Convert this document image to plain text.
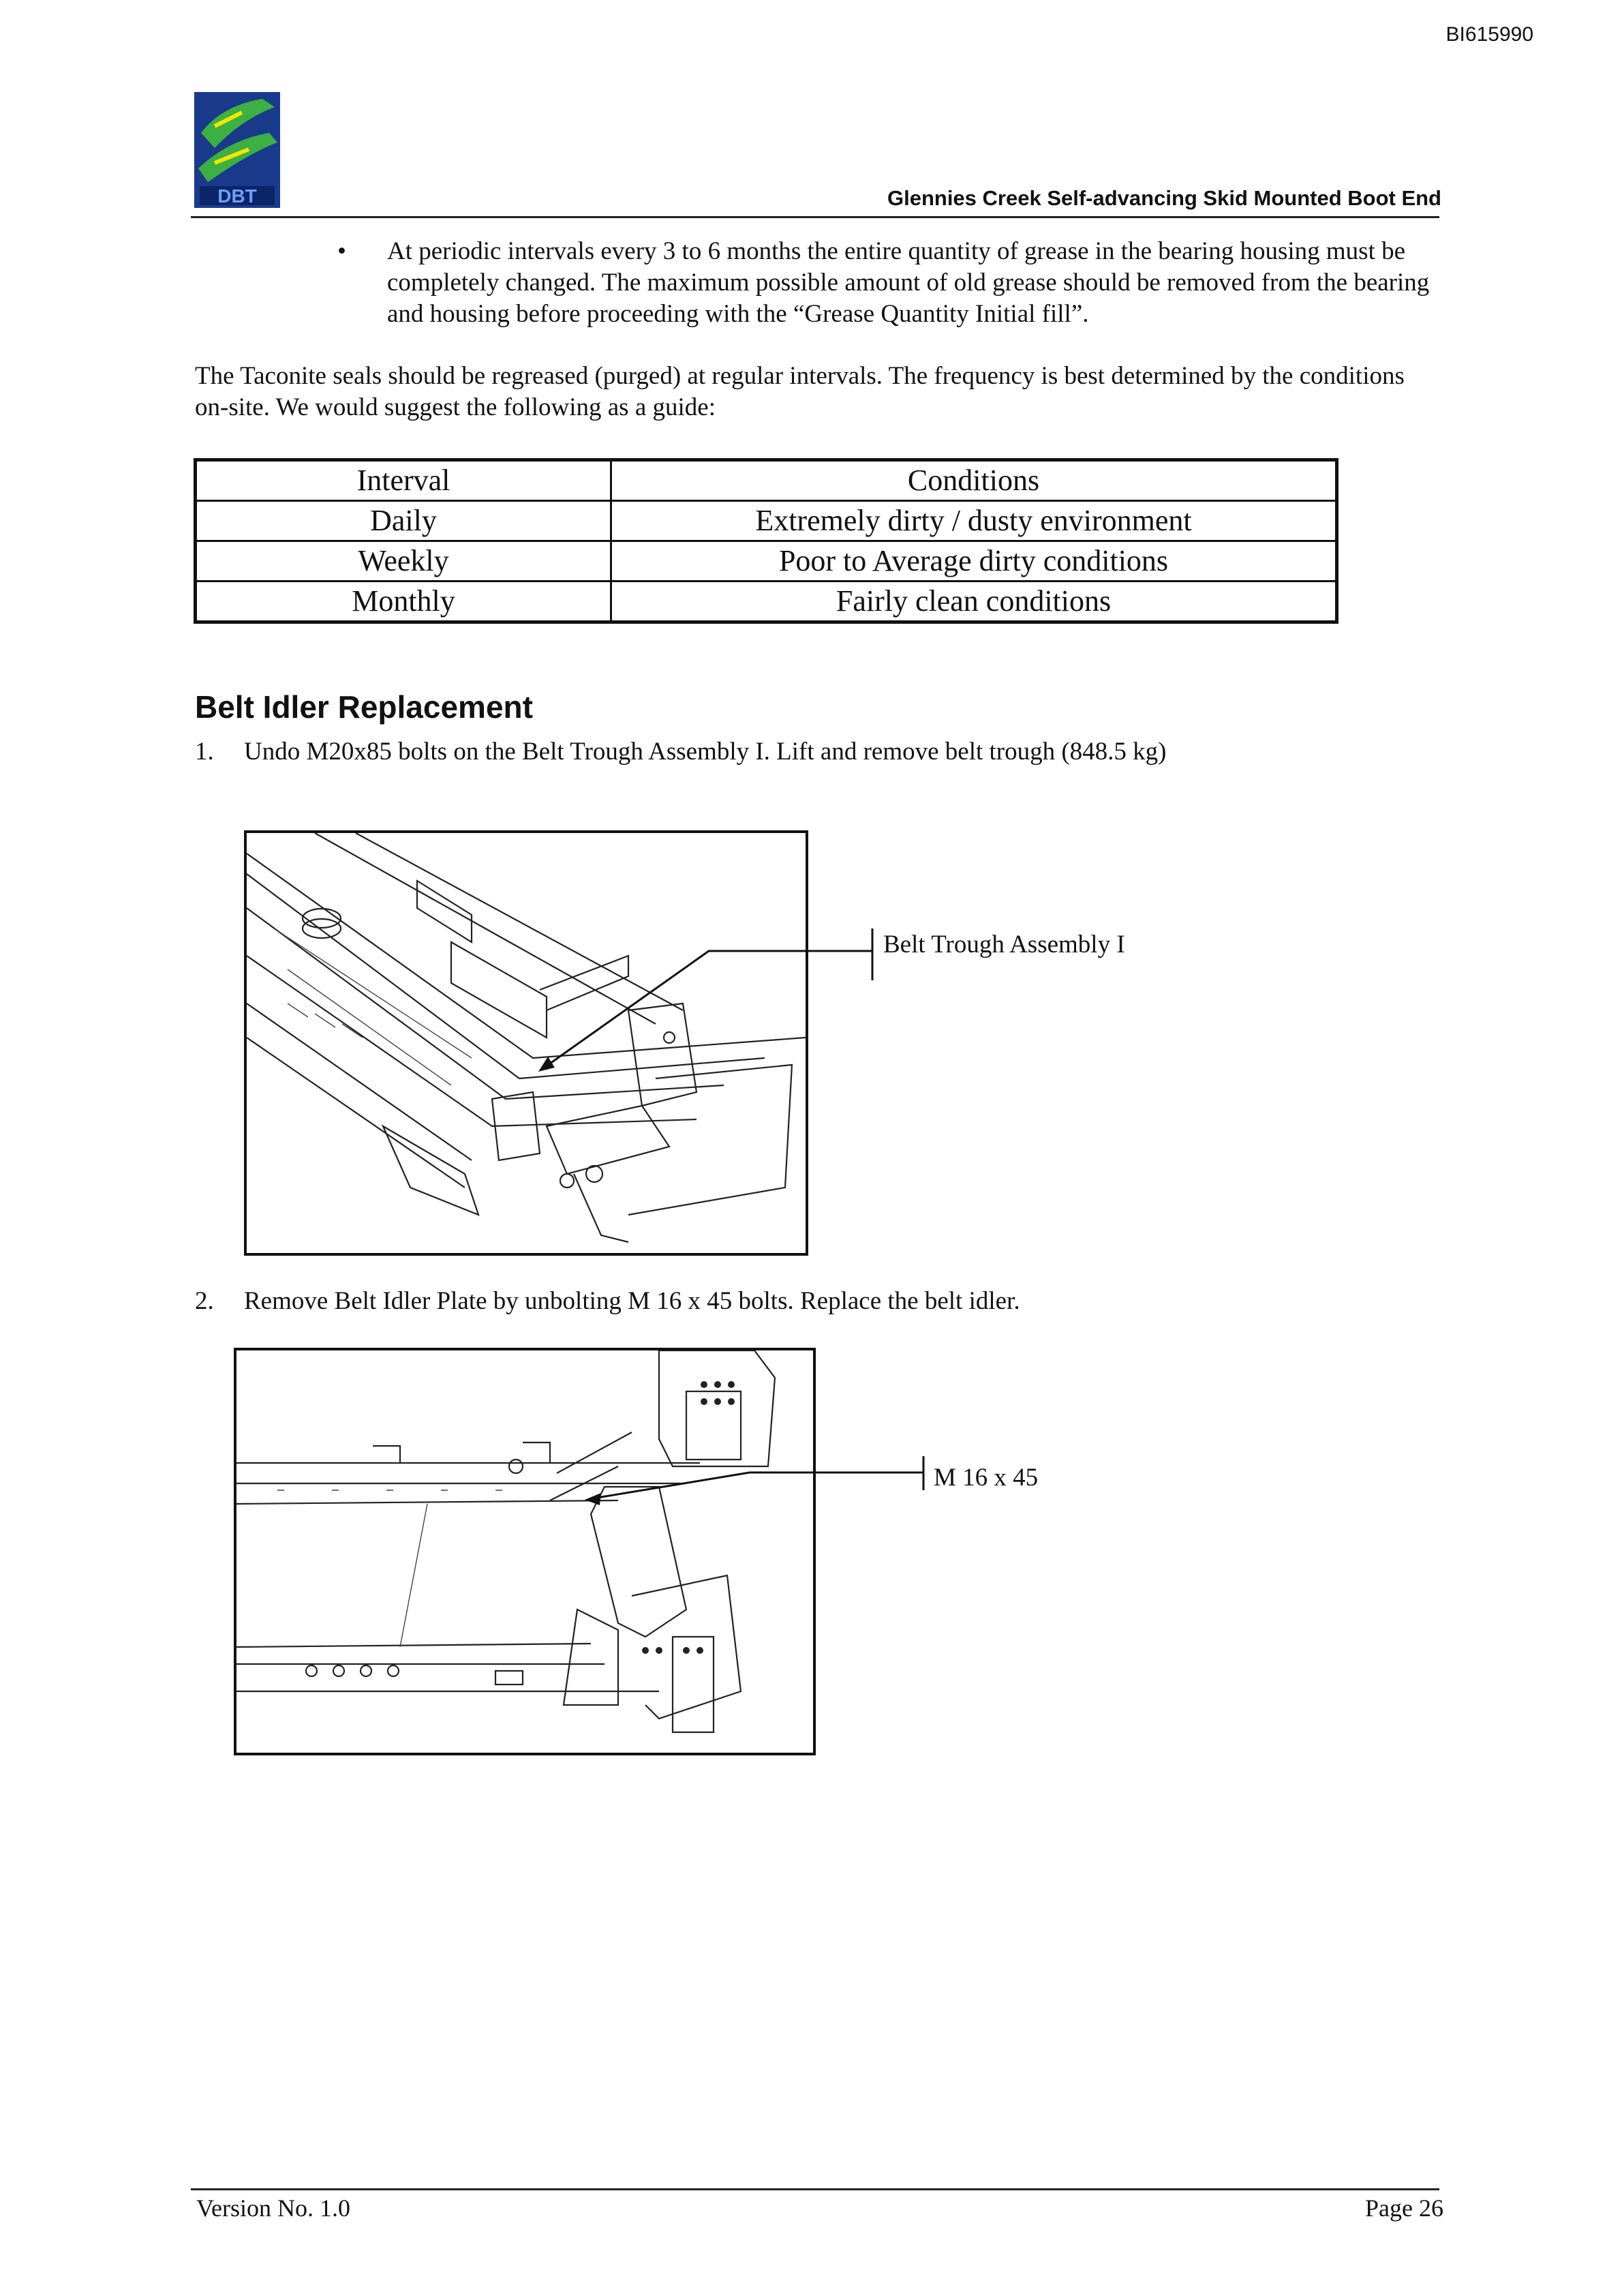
BI615990
DBT	Glennies Creek Self-advancing Skid Mounted Boot End
• At periodic intervals every 3 to 6 months the entire quantity of grease in the bearing housing must be completely changed. The maximum possible amount of old grease should be removed from the bearing and housing before proceeding with the “Grease Quantity Initial fill”.
The Taconite seals should be regreased (purged) at regular intervals. The frequency is best determined by the conditions on-site. We would suggest the following as a guide:
Interval	Conditions
Daily	Extremely dirty / dusty environment
Weekly	Poor to Average dirty conditions
Monthly	Fairly clean conditions
Belt Idler Replacement
1. Undo M20x85 bolts on the Belt Trough Assembly I. Lift and remove belt trough (848.5 kg)
Belt Trough Assembly I
2. Remove Belt Idler Plate by unbolting M 16 x 45 bolts. Replace the belt idler.
M 16 x 45
Version No. 1.0	Page 26
